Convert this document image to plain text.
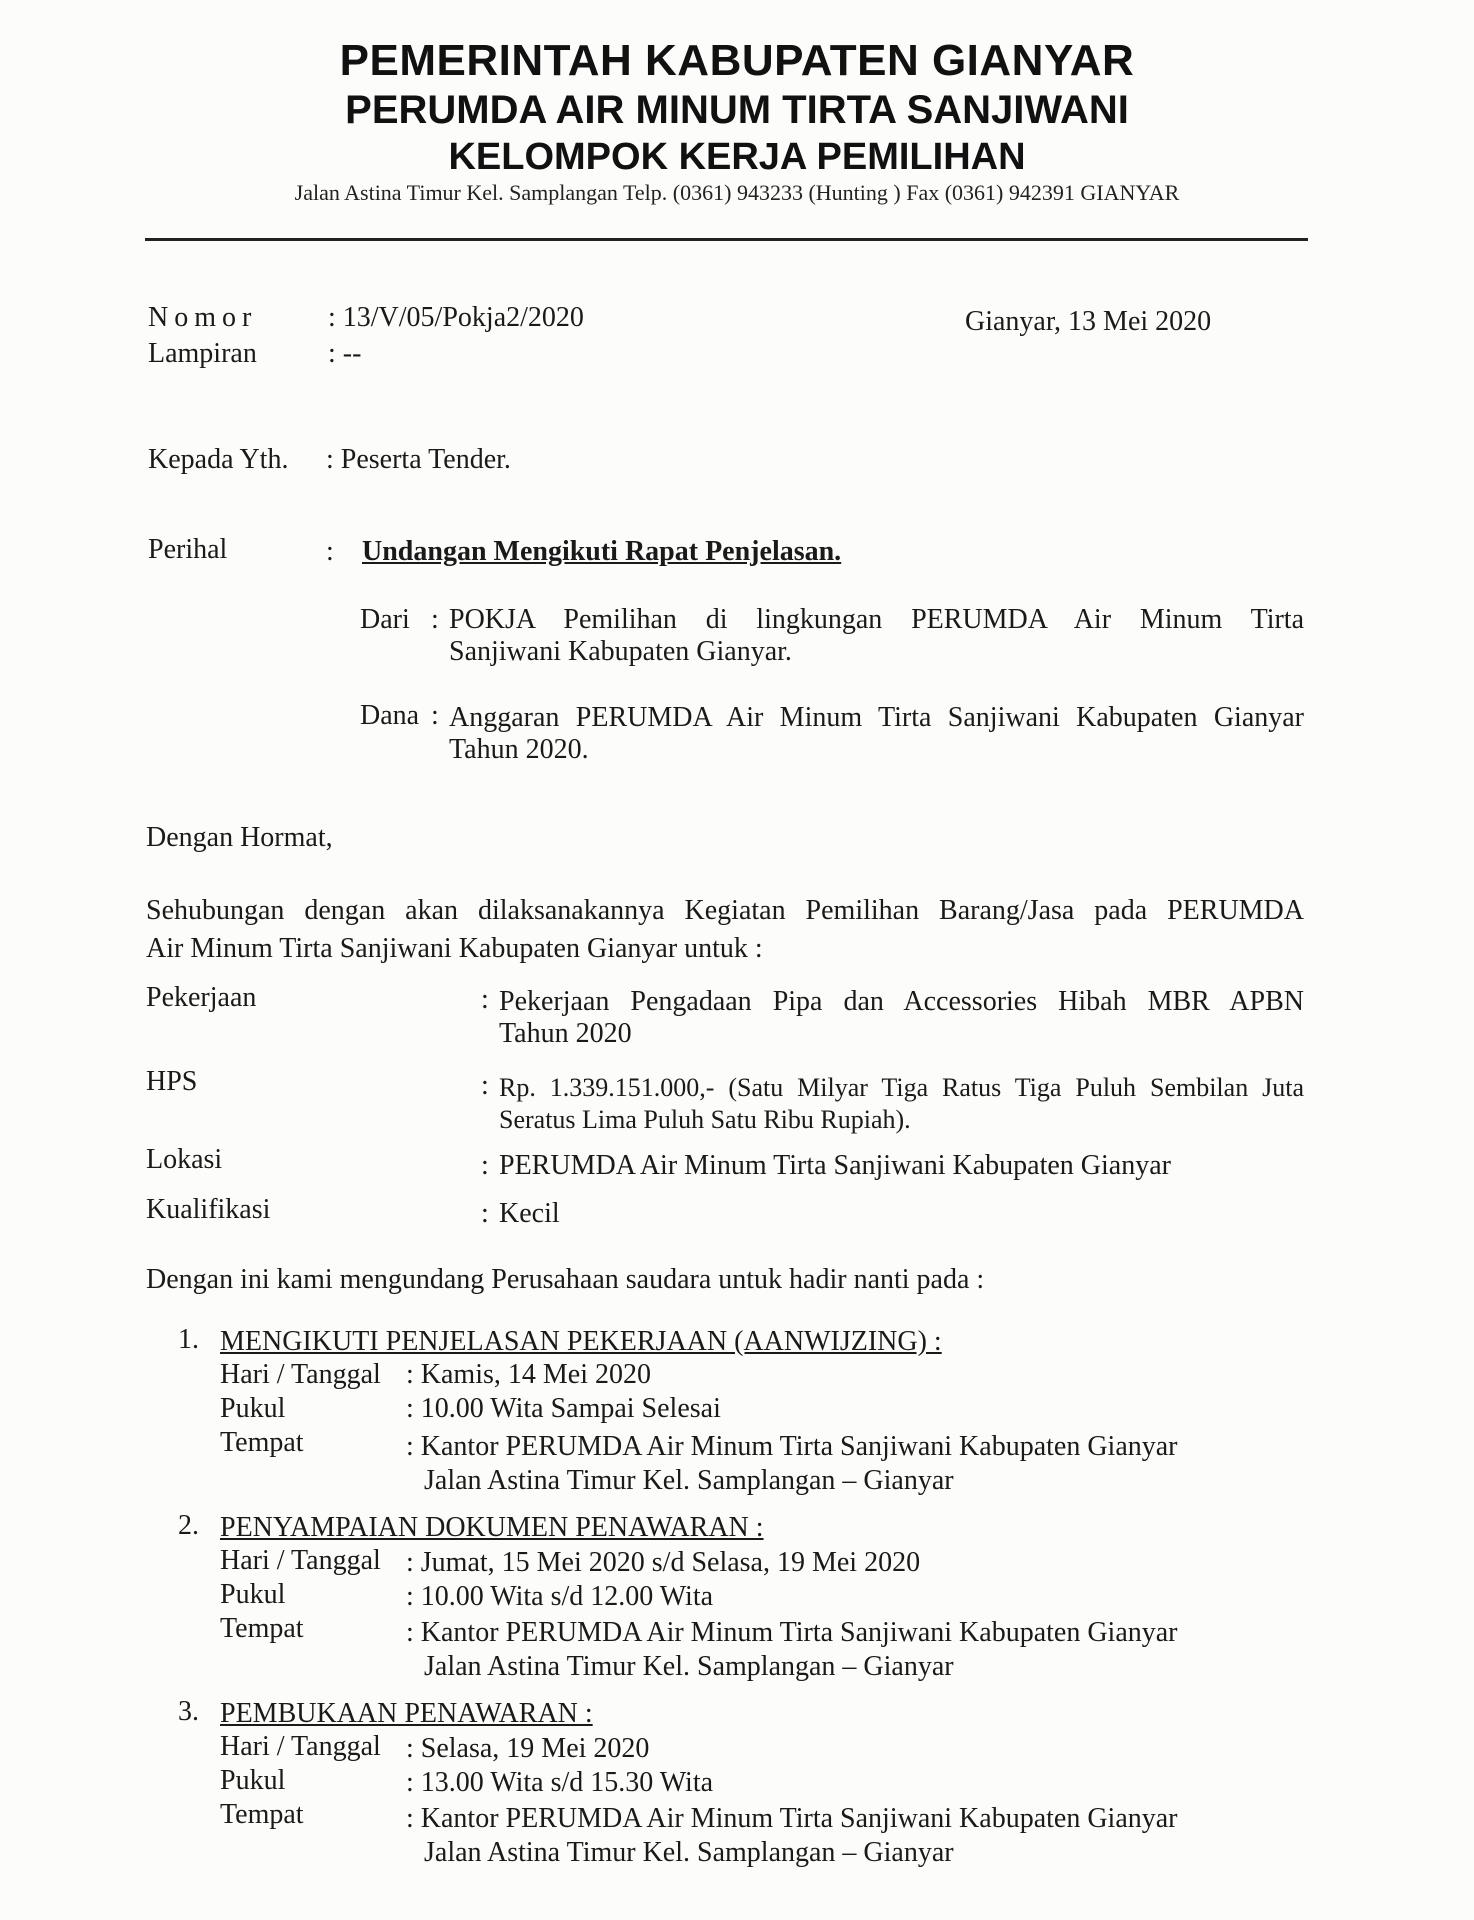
PEMERINTAH KABUPATEN GIANYAR
PERUMDA AIR MINUM TIRTA SANJIWANI
KELOMPOK KERJA PEMILIHAN
Jalan Astina Timur Kel. Samplangan Telp. (0361) 943233 (Hunting ) Fax (0361) 942391 GIANYAR
Nomor	: 13/V/05/Pokja2/2020	Gianyar, 13 Mei 2020
Lampiran	: --
Kepada Yth. : Peserta Tender.
Perihal	: Undangan Mengikuti Rapat Penjelasan.
Dari : POKJA Pemilihan di lingkungan PERUMDA Air Minum Tirta
Sanjiwani Kabupaten Gianyar.
Dana : Anggaran PERUMDA Air Minum Tirta Sanjiwani Kabupaten Gianyar
Tahun 2020.
Dengan Hormat,
Sehubungan dengan akan dilaksanakannya Kegiatan Pemilihan Barang/Jasa pada PERUMDA
Air Minum Tirta Sanjiwani Kabupaten Gianyar untuk :
Pekerjaan	: Pekerjaan Pengadaan Pipa dan Accessories Hibah MBR APBN
Tahun 2020
HPS	: Rp. 1.339.151.000,- (Satu Milyar Tiga Ratus Tiga Puluh Sembilan Juta
Seratus Lima Puluh Satu Ribu Rupiah).
Lokasi	: PERUMDA Air Minum Tirta Sanjiwani Kabupaten Gianyar
Kualifikasi	: Kecil
Dengan ini kami mengundang Perusahaan saudara untuk hadir nanti pada :
1. MENGIKUTI PENJELASAN PEKERJAAN (AANWIJZING) :
Hari / Tanggal : Kamis, 14 Mei 2020
Pukul	: 10.00 Wita Sampai Selesai
Tempat	: Kantor PERUMDA Air Minum Tirta Sanjiwani Kabupaten Gianyar
Jalan Astina Timur Kel. Samplangan – Gianyar
2. PENYAMPAIAN DOKUMEN PENAWARAN :
Hari / Tanggal : Jumat, 15 Mei 2020 s/d Selasa, 19 Mei 2020
Pukul	: 10.00 Wita s/d 12.00 Wita
Tempat	: Kantor PERUMDA Air Minum Tirta Sanjiwani Kabupaten Gianyar
Jalan Astina Timur Kel. Samplangan – Gianyar
3. PEMBUKAAN PENAWARAN :
Hari / Tanggal : Selasa, 19 Mei 2020
Pukul	: 13.00 Wita s/d 15.30 Wita
Tempat	: Kantor PERUMDA Air Minum Tirta Sanjiwani Kabupaten Gianyar
Jalan Astina Timur Kel. Samplangan – Gianyar
